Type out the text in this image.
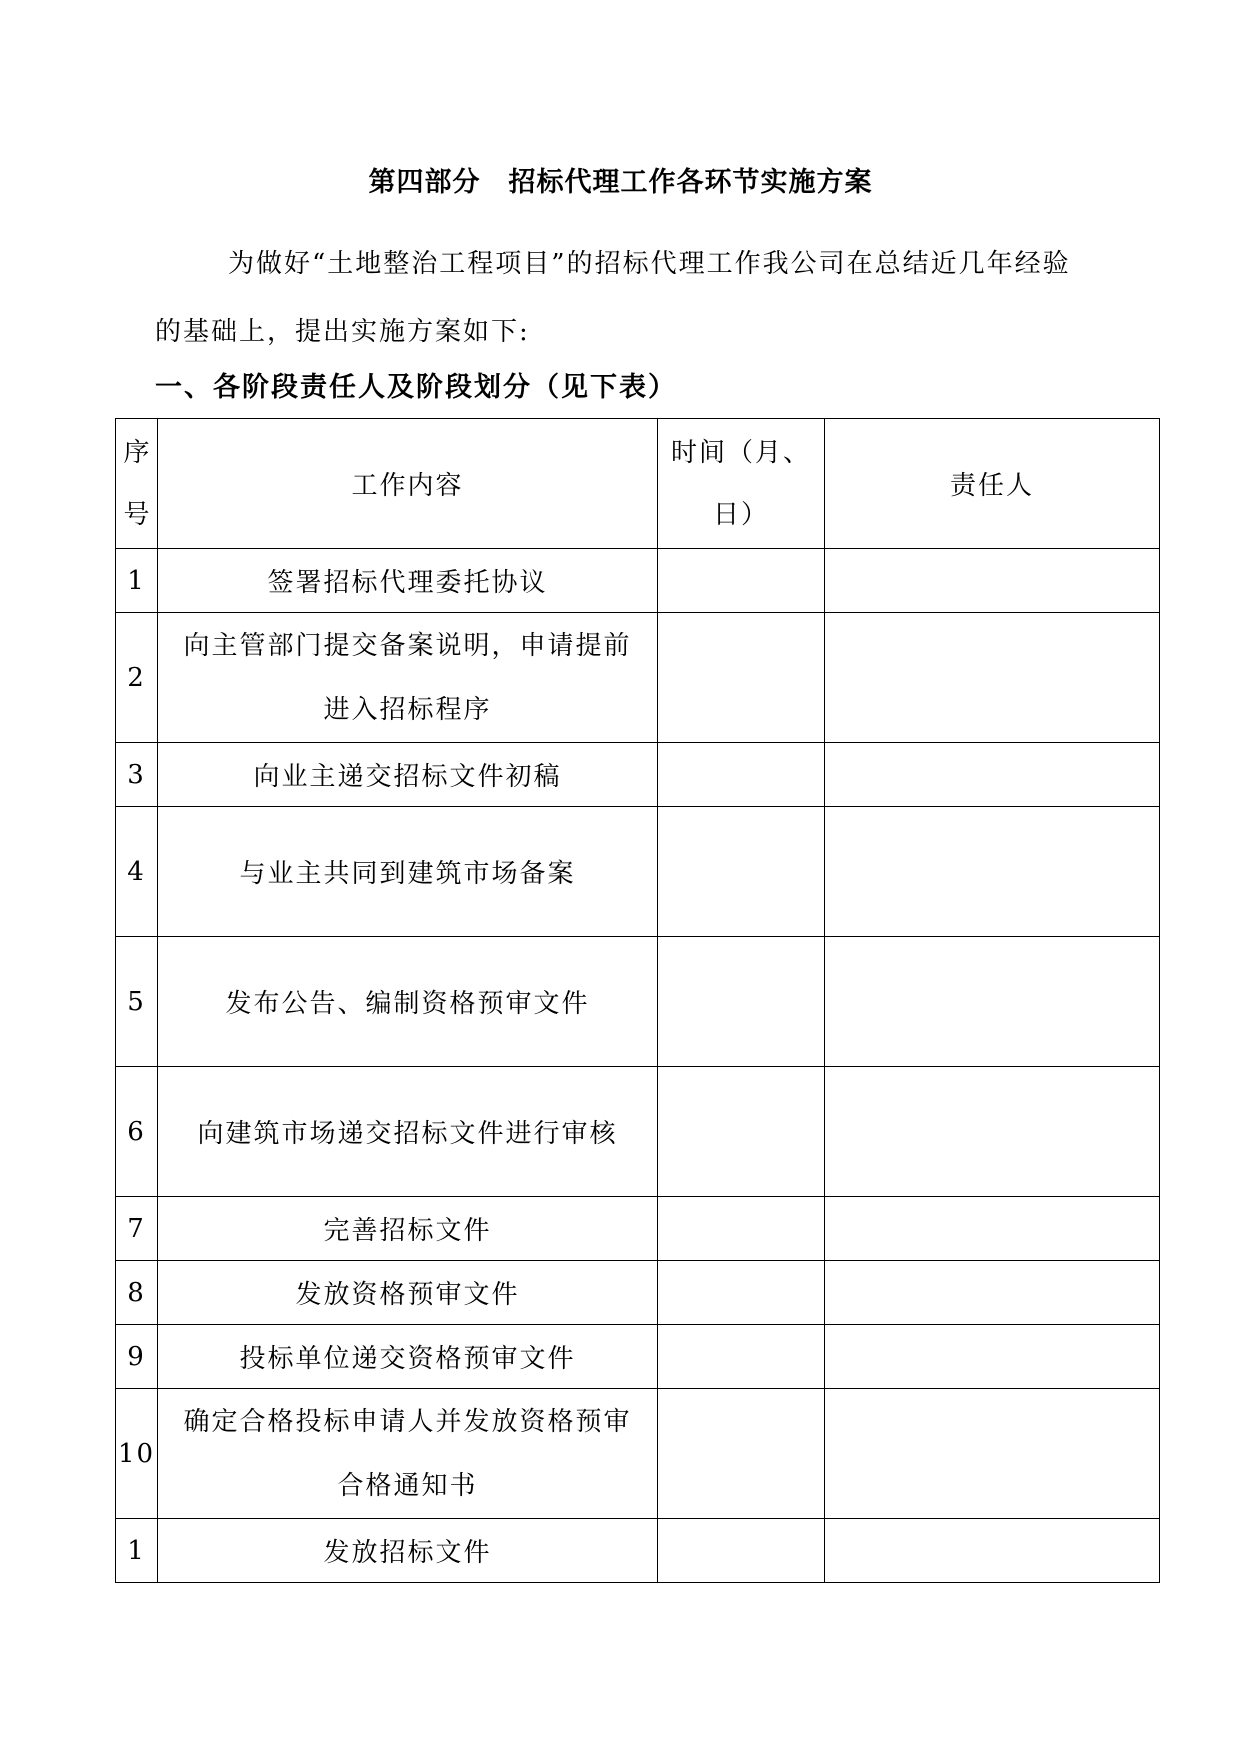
第四部分　招标代理工作各环节实施方案
为做好“土地整治工程项目”的招标代理工作我公司在总结近几年经验
的基础上，提出实施方案如下:
一、各阶段责任人及阶段划分（见下表）
序号	工作内容	时间（月、日）	责任人
1	签署招标代理委托协议		
2	向主管部门提交备案说明，申请提前进入招标程序		

3	向业主递交招标文件初稿		
4	与业主共同到建筑市场备案		
5	发布公告、编制资格预审文件		
6	向建筑市场递交招标文件进行审核		
7	完善招标文件		
8	发放资格预审文件		
9	投标单位递交资格预审文件		
10	确定合格投标申请人并发放资格预审合格通知书		

1	发放招标文件		
